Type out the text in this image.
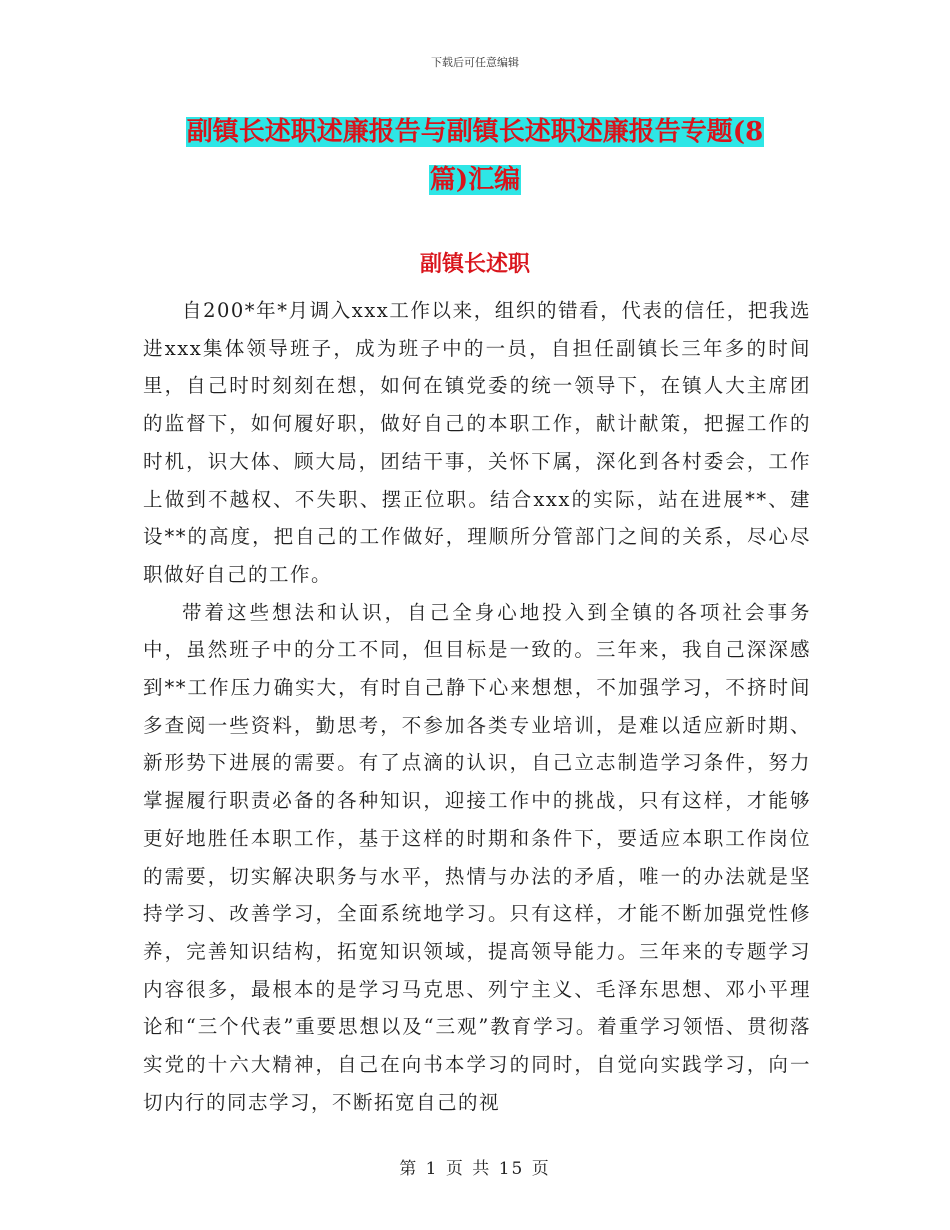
下载后可任意编辑
副镇长述职述廉报告与副镇长述职述廉报告专题(8
篇)汇编
副镇长述职

自200*年*月调入xxx工作以来，组织的错看，代表的信任，把我选进xxx集体领导班子，成为班子中的一员，自担任副镇长三年多的时间里，自己时时刻刻在想，如何在镇党委的统一领导下，在镇人大主席团的监督下，如何履好职，做好自己的本职工作，献计献策，把握工作的时机，识大体、顾大局，团结干事，关怀下属，深化到各村委会，工作上做到不越权、不失职、摆正位职。结合xxx的实际，站在进展**、建设**的高度，把自己的工作做好，理顺所分管部门之间的关系，尽心尽职做好自己的工作。

带着这些想法和认识，自己全身心地投入到全镇的各项社会事务中，虽然班子中的分工不同，但目标是一致的。三年来，我自己深深感到**工作压力确实大，有时自己静下心来想想，不加强学习，不挤时间多查阅一些资料，勤思考，不参加各类专业培训，是难以适应新时期、新形势下进展的需要。有了点滴的认识，自己立志制造学习条件，努力掌握履行职责必备的各种知识，迎接工作中的挑战，只有这样，才能够更好地胜任本职工作，基于这样的时期和条件下，要适应本职工作岗位的需要，切实解决职务与水平，热情与办法的矛盾，唯一的办法就是坚持学习、改善学习，全面系统地学习。只有这样，才能不断加强党性修养，完善知识结构，拓宽知识领域，提高领导能力。三年来的专题学习内容很多，最根本的是学习马克思、列宁主义、毛泽东思想、邓小平理论和“三个代表”重要思想以及“三观”教育学习。着重学习领悟、贯彻落实党的十六大精神，自己在向书本学习的同时，自觉向实践学习，向一切内行的同志学习，不断拓宽自己的视

第 1 页 共 15 页
